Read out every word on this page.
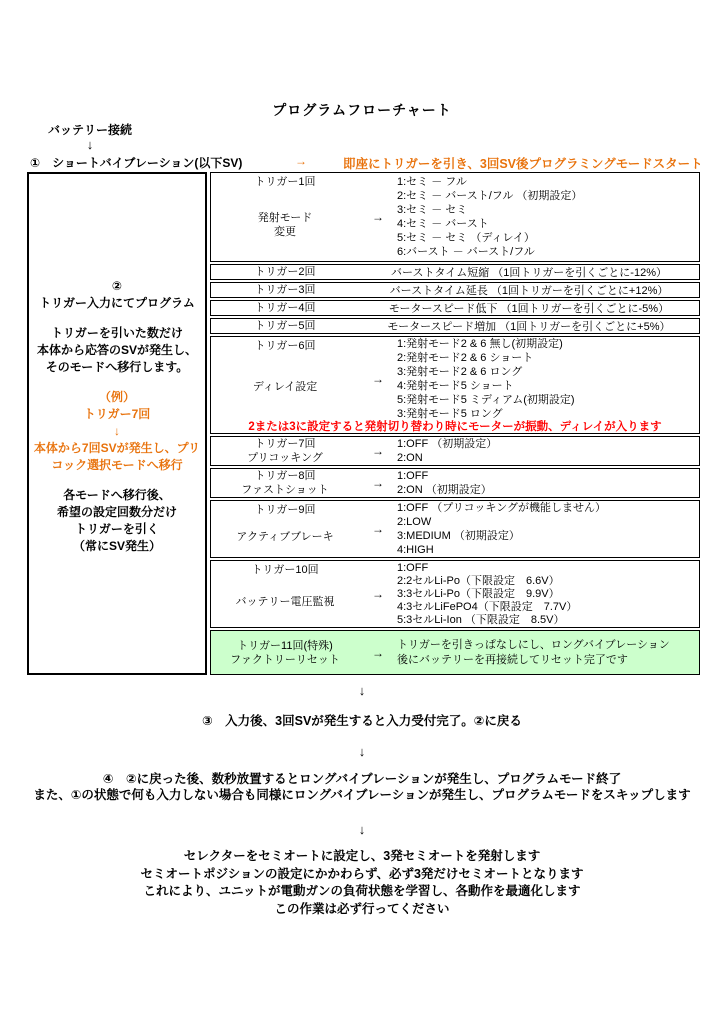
プログラムフローチャート
バッテリー接続
↓
①　ショートバイブレーション(以下SV)	→	即座にトリガーを引き、3回SV後プログラミングモードスタート
②
トリガー入力にてプログラム
トリガーを引いた数だけ
本体から応答のSVが発生し、
そのモードへ移行します。
（例）
トリガー7回
↓
本体から7回SVが発生し、プリ
コック選択モードへ移行
各モードへ移行後、
希望の設定回数分だけ
トリガーを引く
（常にSV発生）
トリガー1回
発射モード
変更
→
1:セミ － フル
2:セミ － バースト/フル （初期設定）
3:セミ － セミ
4:セミ － バースト
5:セミ － セミ （ディレイ）
6:バースト － バースト/フル
トリガー2回	バーストタイム短縮 （1回トリガーを引くごとに-12%）
トリガー3回	バーストタイム延長 （1回トリガーを引くごとに+12%）
トリガー4回	モータースピード低下 （1回トリガーを引くごとに-5%）
トリガー5回	モータースピード増加 （1回トリガーを引くごとに+5%）
トリガー6回
ディレイ設定
→
1:発射モード2 & 6 無し(初期設定)
2:発射モード2 & 6 ショート
3:発射モード2 & 6 ロング
4:発射モード5 ショート
5:発射モード5 ミディアム(初期設定)
3:発射モード5 ロング
2または3に設定すると発射切り替わり時にモーターが振動、ディレイが入ります
トリガー7回
プリコッキング	→	1:OFF （初期設定）
2:ON
トリガー8回
ファストショット	→	1:OFF
2:ON （初期設定）
トリガー9回
アクティブブレーキ
→
1:OFF （プリコッキングが機能しません）
2:LOW
3:MEDIUM （初期設定）
4:HIGH
トリガー10回
バッテリー電圧監視
→
1:OFF
2:2セルLi-Po（下限設定　6.6V）
3:3セルLi-Po（下限設定　9.9V）
4:3セルLiFePO4（下限設定　7.7V）
5:3セルLi-Ion （下限設定　8.5V）
トリガー11回(特殊)
ファクトリーリセット	→
トリガーを引きっぱなしにし、ロングバイブレーション
後にバッテリーを再接続してリセット完了です
↓
③　入力後、3回SVが発生すると入力受付完了。②に戻る
↓
④　②に戻った後、数秒放置するとロングバイブレーションが発生し、プログラムモード終了
また、①の状態で何も入力しない場合も同様にロングバイブレーションが発生し、プログラムモードをスキップします
↓
セレクターをセミオートに設定し、3発セミオートを発射します
セミオートポジションの設定にかかわらず、必ず3発だけセミオートとなります
これにより、ユニットが電動ガンの負荷状態を学習し、各動作を最適化します
この作業は必ず行ってください
